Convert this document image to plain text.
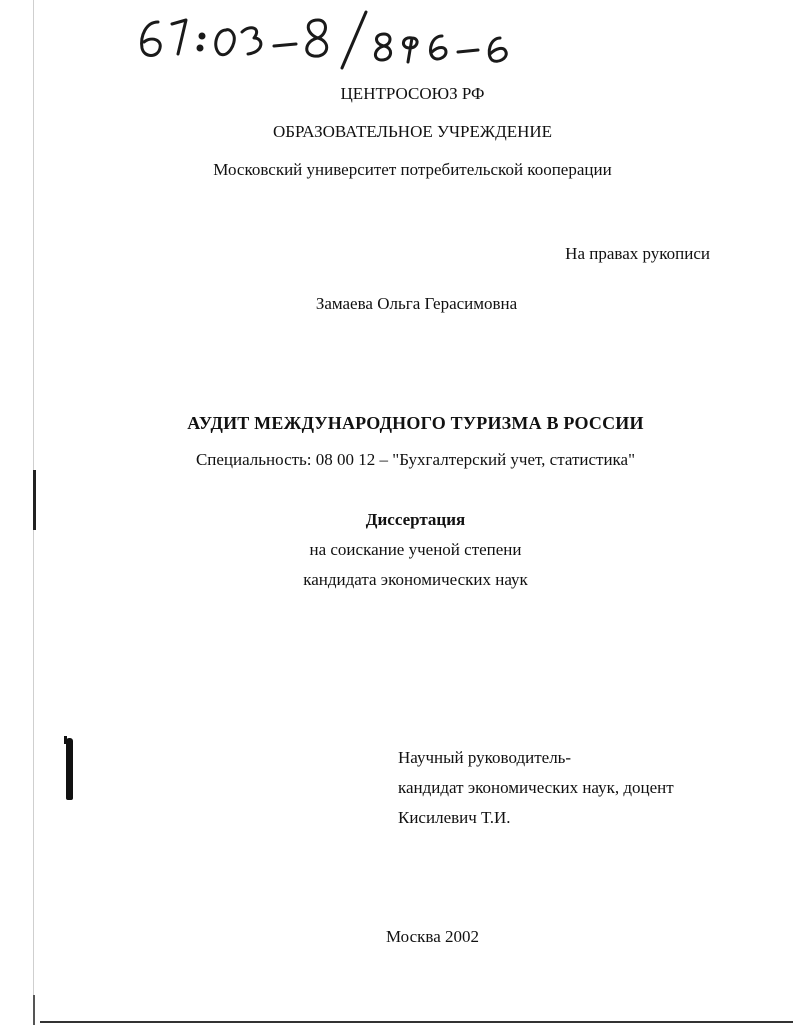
ЦЕНТРОСОЮЗ РФ
ОБРАЗОВАТЕЛЬНОЕ УЧРЕЖДЕНИЕ
Московский университет потребительской кооперации
На правах рукописи
Замаева Ольга Герасимовна
АУДИТ МЕЖДУНАРОДНОГО ТУРИЗМА В РОССИИ
Специальность: 08 00 12 – "Бухгалтерский учет, статистика"
Диссертация
на соискание ученой степени
кандидата экономических наук
Научный руководитель-
кандидат экономических наук, доцент
Кисилевич Т.И.
Москва 2002
